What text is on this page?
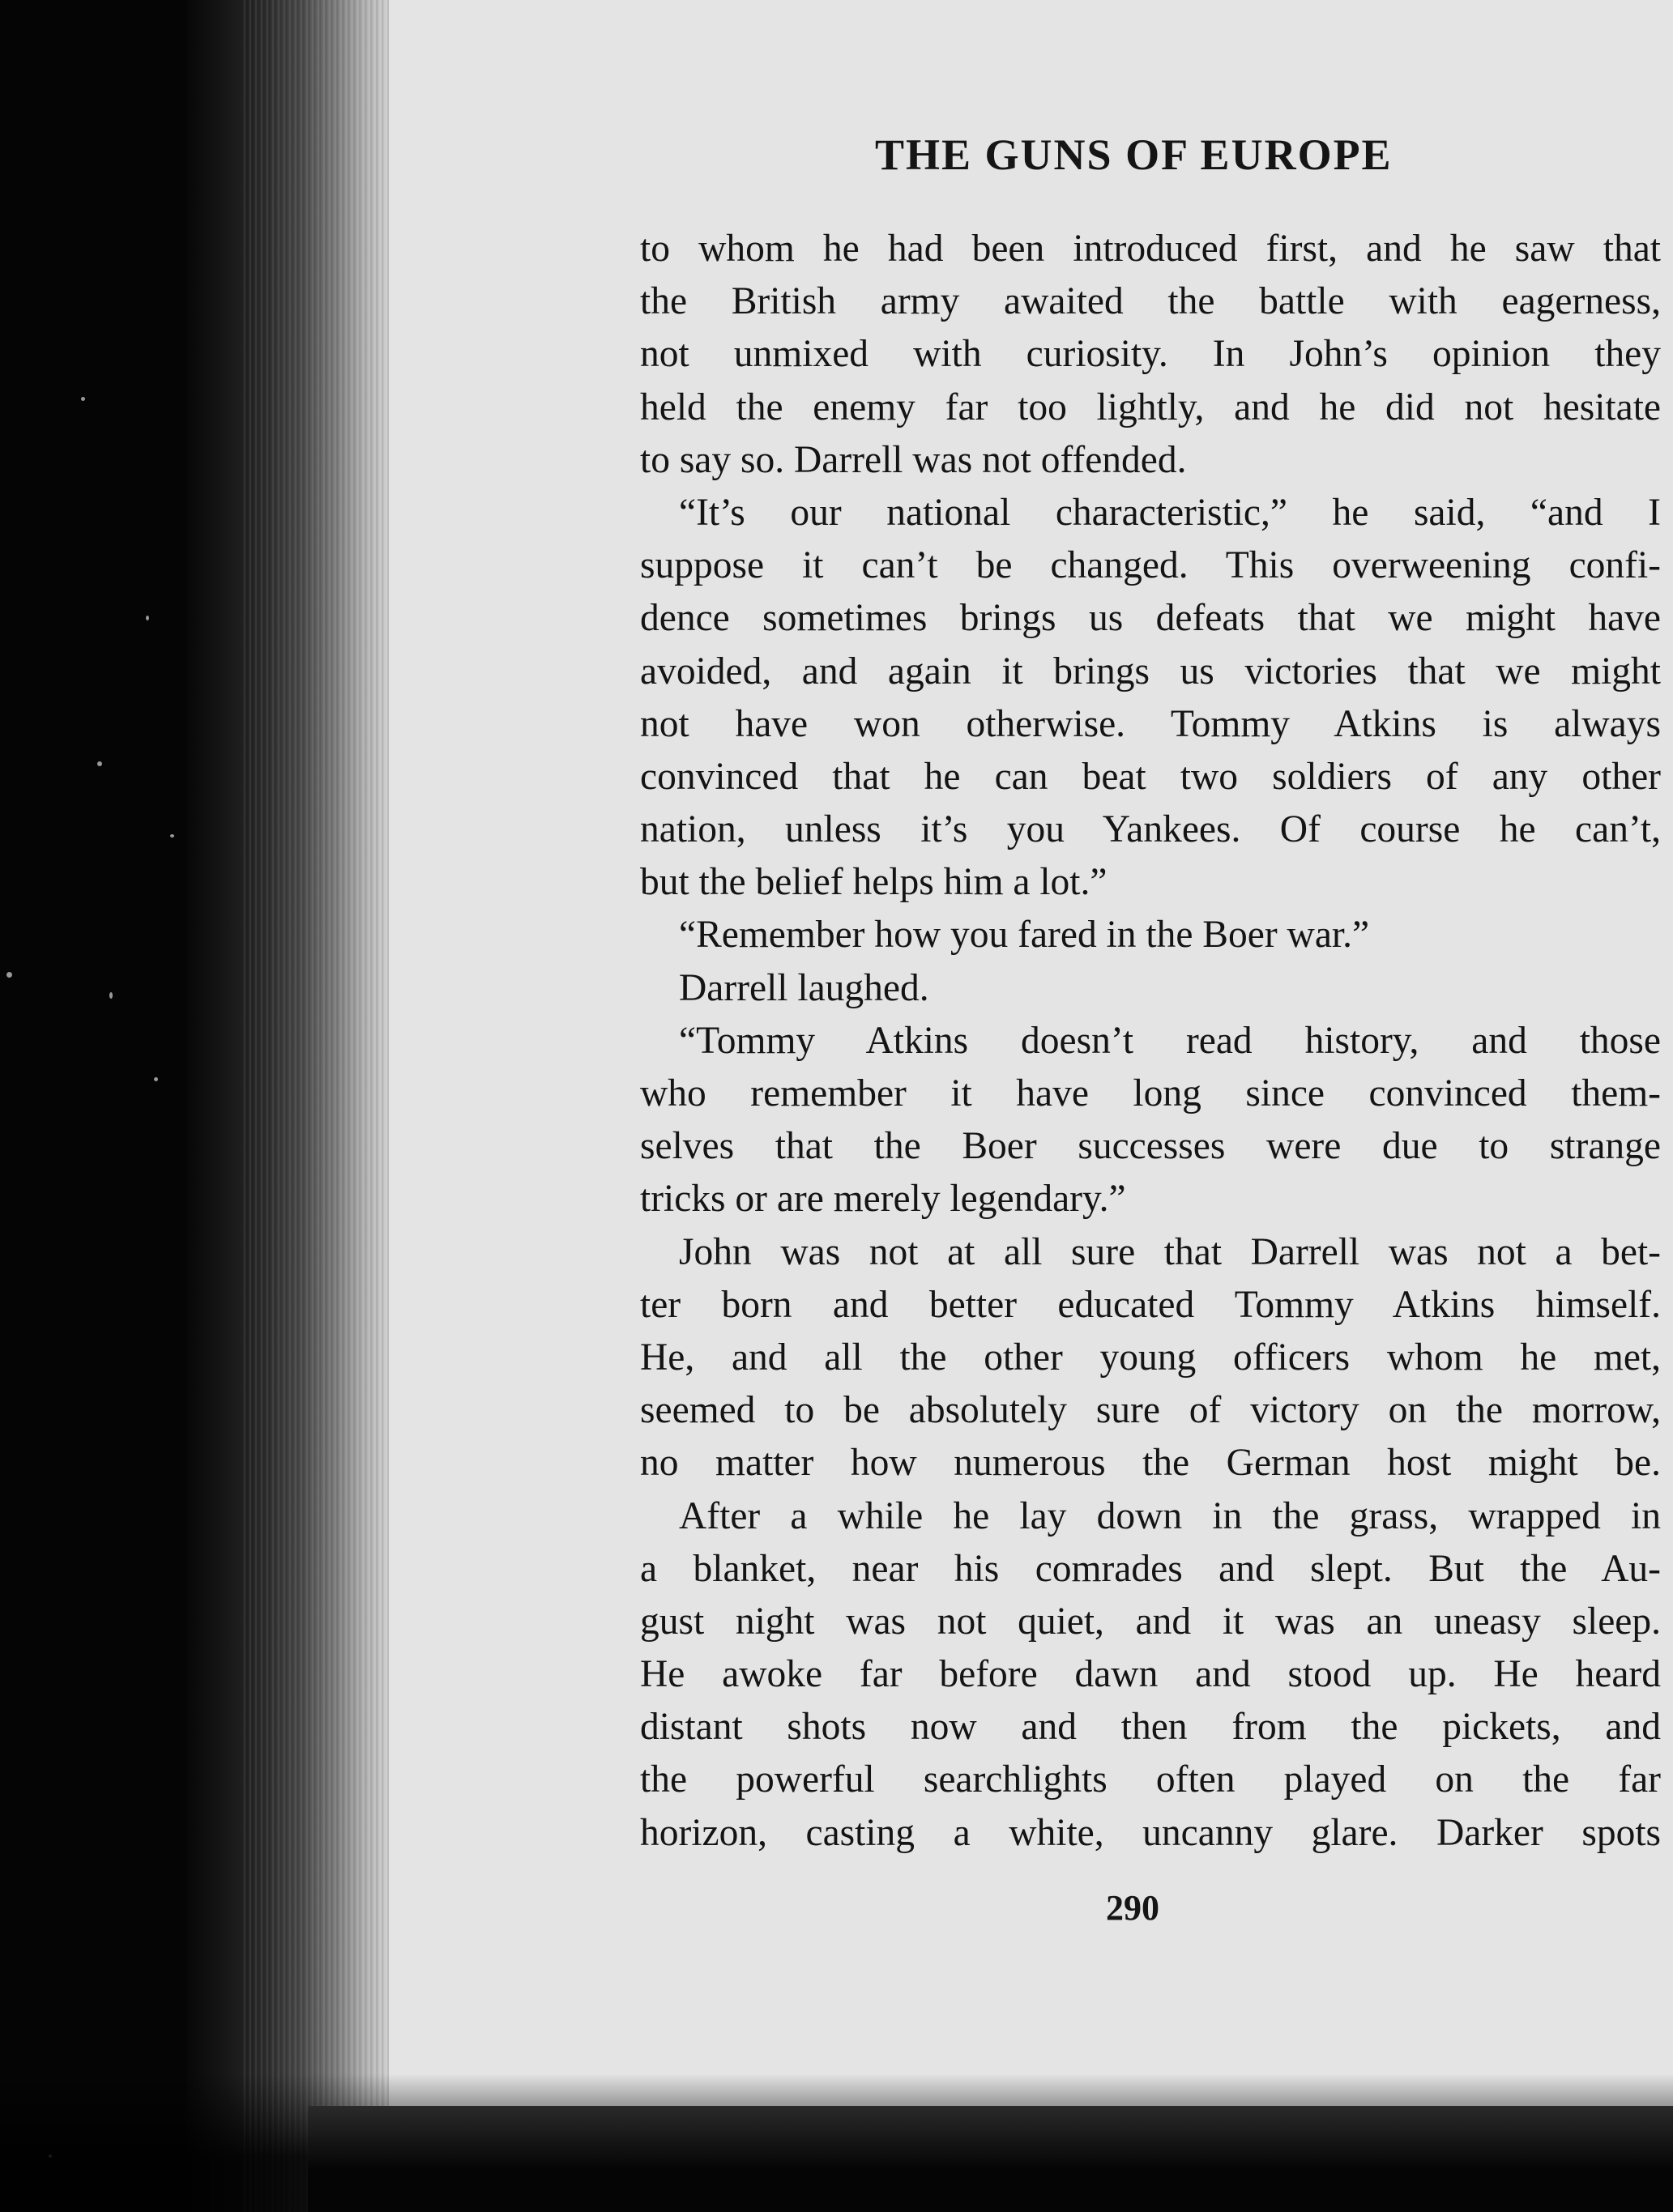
THE GUNS OF EUROPE
to whom he had been introduced first, and he saw that
the British army awaited the battle with eagerness,
not unmixed with curiosity. In John’s opinion they
held the enemy far too lightly, and he did not hesitate
to say so. Darrell was not offended.
“It’s our national characteristic,” he said, “and I
suppose it can’t be changed. This overweening confi-
dence sometimes brings us defeats that we might have
avoided, and again it brings us victories that we might
not have won otherwise. Tommy Atkins is always
convinced that he can beat two soldiers of any other
nation, unless it’s you Yankees. Of course he can’t,
but the belief helps him a lot.”
“Remember how you fared in the Boer war.”
Darrell laughed.
“Tommy Atkins doesn’t read history, and those
who remember it have long since convinced them-
selves that the Boer successes were due to strange
tricks or are merely legendary.”
John was not at all sure that Darrell was not a bet-
ter born and better educated Tommy Atkins himself.
He, and all the other young officers whom he met,
seemed to be absolutely sure of victory on the morrow,
no matter how numerous the German host might be.
After a while he lay down in the grass, wrapped in
a blanket, near his comrades and slept. But the Au-
gust night was not quiet, and it was an uneasy sleep.
He awoke far before dawn and stood up. He heard
distant shots now and then from the pickets, and
the powerful searchlights often played on the far
horizon, casting a white, uncanny glare. Darker spots
290
